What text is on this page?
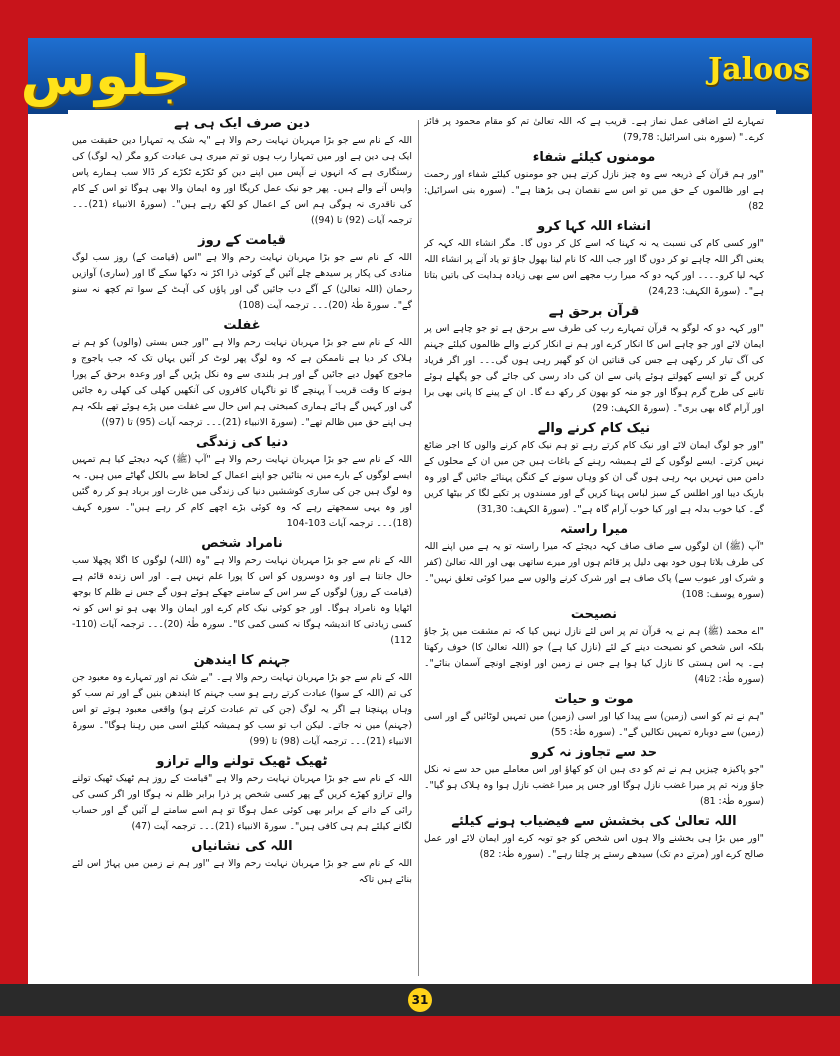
جلوس	Jaloos

تمہارے لئے اضافی عمل نماز ہے۔ قریب ہے کہ اللہ تعالیٰ تم کو مقام محمود پر فائز کرے۔" (سورہ بنی اسرائیل: 79,78)

مومنوں کیلئے شفاء

"اور ہم قرآن کے ذریعہ سے وہ چیز نازل کرتے ہیں جو مومنوں کیلئے شفاء اور رحمت ہے اور ظالموں کے حق میں تو اس سے نقصان ہی بڑھتا ہے"۔ (سورہ بنی اسرائیل: 82)

انشاء اللہ کہا کرو

"اور کسی کام کی نسبت یہ نہ کہنا کہ اسے کل کر دوں گا۔ مگر انشاء اللہ کہہ کر یعنی اگر اللہ چاہے تو کر دوں گا اور جب اللہ کا نام لینا بھول جاؤ تو یاد آنے پر انشاء اللہ کہہ لیا کرو۔۔۔۔ اور کہہ دو کہ میرا رب مجھے اس سے بھی زیادہ ہدایت کی باتیں بتاتا ہے"۔ (سورۃ الکہف: 24,23)

قرآن برحق ہے

"اور کہہ دو کہ لوگو یہ قرآن تمہارے رب کی طرف سے برحق ہے تو جو چاہے اس پر ایمان لائے اور جو چاہے اس کا انکار کرے اور ہم نے انکار کرنے والے ظالموں کیلئے جہنم کی آگ تیار کر رکھی ہے جس کی قناتیں ان کو گھیر رہی ہوں گی۔۔۔ اور اگر فریاد کریں گے تو ایسے کھولتے ہوئے پانی سے ان کی داد رسی کی جائے گی جو پگھلے ہوئے تانبے کی طرح گرم ہوگا اور جو منہ کو بھون کر رکھ دے گا۔ ان کے پینے کا پانی بھی برا اور آرام گاہ بھی بری"۔ (سورۃ الکہف: 29)

نیک کام کرنے والے

"اور جو لوگ ایمان لائے اور نیک کام کرتے رہے تو ہم نیک کام کرنے والوں کا اجر ضائع نہیں کرتے۔ ایسے لوگوں کے لئے ہمیشہ رہنے کے باغات ہیں جن میں ان کے محلوں کے دامن میں نہریں بہہ رہی ہوں گی ان کو وہاں سونے کے کنگن پہنائے جائیں گے اور وہ باریک دیبا اور اطلس کے سبز لباس پہنا کریں گے اور مسندوں پر تکیے لگا کر بیٹھا کریں گے۔ کیا خوب بدلہ ہے اور کیا خوب آرام گاہ ہے"۔ (سورۃ الکہف: 31,30)

میرا راستہ

"آپ (ﷺ) ان لوگوں سے صاف صاف کہہ دیجئے کہ میرا راستہ تو یہ ہے میں اپنے اللہ کی طرف بلاتا ہوں خود بھی دلیل پر قائم ہوں اور میرے ساتھی بھی اور اللہ تعالیٰ (کفر و شرک اور عیوب سے) پاک صاف ہے اور شرک کرنے والوں سے میرا کوئی تعلق نہیں"۔ (سورہ یوسف: 108)

نصیحت

"اے محمد (ﷺ) ہم نے یہ قرآن تم پر اس لئے نازل نہیں کیا کہ تم مشقت میں پڑ جاؤ بلکہ اس شخص کو نصیحت دینے کے لئے (نازل کیا ہے) جو (اللہ تعالیٰ کا) خوف رکھتا ہے۔ یہ اس ہستی کا نازل کیا ہوا ہے جس نے زمین اور اونچے اونچے آسمان بنائے"۔ (سورہ طٰہٰ: 2تا4)

موت و حیات

"ہم نے تم کو اسی (زمین) سے پیدا کیا اور اسی (زمین) میں تمہیں لوٹائیں گے اور اسی (زمین) سے دوبارہ تمہیں نکالیں گے"۔ (سورہ طٰہٰ: 55)

حد سے تجاوز نہ کرو

"جو پاکیزہ چیزیں ہم نے تم کو دی ہیں ان کو کھاؤ اور اس معاملے میں حد سے نہ نکل جاؤ ورنہ تم پر میرا غضب نازل ہوگا اور جس پر میرا غضب نازل ہوا وہ ہلاک ہو گیا"۔ (سورہ طٰہٰ: 81)

اللہ تعالیٰ کی بخشش سے فیضیاب ہونے کیلئے

"اور میں بڑا ہی بخشنے والا ہوں اس شخص کو جو توبہ کرے اور ایمان لائے اور عمل صالح کرے اور (مرتے دم تک) سیدھے رستے پر چلتا رہے"۔ (سورہ طٰہٰ: 82)

دین صرف ایک ہی ہے

اللہ کے نام سے جو بڑا مہربان نہایت رحم والا ہے "یہ شک یہ تمہارا دین حقیقت میں ایک ہی دین ہے اور میں تمہارا رب ہوں تو تم میری ہی عبادت کرو مگر (یہ لوگ) کی رستگاری ہے کہ انہوں نے آپس میں اپنے دین کو ٹکڑے ٹکڑے کر ڈالا سب ہمارے پاس واپس آنے والے ہیں۔ پھر جو نیک عمل کریگا اور وہ ایمان والا بھی ہوگا تو اس کے کام کی ناقدری نہ ہوگی ہم اس کے اعمال کو لکھ رہے ہیں"۔ (سورۃ الانبیاء (21)۔۔۔ ترجمہ آیات (92) تا (94))

قیامت کے روز

اللہ کے نام سے جو بڑا مہربان نہایت رحم والا ہے "اس (قیامت کے) روز سب لوگ منادی کی پکار پر سیدھے چلے آئیں گے کوئی ذرا اکڑ نہ دکھا سکے گا اور (ساری) آوازیں رحمان (اللہ تعالیٰ) کے آگے دب جائیں گی اور پاؤں کی آہٹ کے سوا تم کچھ نہ سنو گے"۔ سورۃ طٰہٰ (20)۔۔۔ ترجمہ آیت (108)

غفلت

اللہ کے نام سے جو بڑا مہربان نہایت رحم والا ہے "اور جس بستی (والوں) کو ہم نے ہلاک کر دیا ہے ناممکن ہے کہ وہ لوگ پھر لوٹ کر آئیں یہاں تک کہ جب یاجوج و ماجوج کھول دیے جائیں گے اور ہر بلندی سے وہ نکل پڑیں گے اور وعدہ برحق کے پورا ہونے کا وقت قریب آ پہنچے گا تو ناگہاں کافروں کی آنکھیں کھلی کی کھلی رہ جائیں گی اور کہیں گے ہائے ہماری کمبختی ہم اس حال سے غفلت میں پڑے ہوئے تھے بلکہ ہم ہی اپنے حق میں ظالم تھے"۔ (سورۃ الانبیاء (21)۔۔۔ ترجمہ آیات (95) تا (97))

دنیا کی زندگی

اللہ کے نام سے جو بڑا مہربان نہایت رحم والا ہے "آپ (ﷺ) کہہ دیجئے کیا ہم تمہیں ایسے لوگوں کے بارے میں نہ بتائیں جو اپنے اعمال کے لحاظ سے بالکل گھاٹے میں ہیں۔ یہ وہ لوگ ہیں جن کی ساری کوششیں دنیا کی زندگی میں غارت اور برباد ہو کر رہ گئیں اور وہ یہی سمجھتے رہے کہ وہ کوئی بڑے اچھے کام کر رہے ہیں"۔ سورہ کہف (18)۔۔۔ ترجمہ آیات 103-104

نامراد شخص

اللہ کے نام سے جو بڑا مہربان نہایت رحم والا ہے "وہ (اللہ) لوگوں کا اگلا پچھلا سب حال جانتا ہے اور وہ دوسروں کو اس کا پورا علم نہیں ہے۔ اور اس زندہ قائم ہے (قیامت کے روز) لوگوں کے سر اس کے سامنے جھکے ہوئے ہوں گے جس نے ظلم کا بوجھ اٹھایا وہ نامراد ہوگا۔ اور جو کوئی نیک کام کرے اور ایمان والا بھی ہو تو اس کو نہ کسی زیادتی کا اندیشہ ہوگا نہ کسی کمی کا"۔ سورہ طٰہٰ (20)۔۔۔ ترجمہ آیات (110-112)

جہنم کا ایندھن

اللہ کے نام سے جو بڑا مہربان نہایت رحم والا ہے۔ "بے شک تم اور تمہارے وہ معبود جن کی تم (اللہ کے سوا) عبادت کرتے رہے ہو سب جہنم کا ایندھن بنیں گے اور تم سب کو وہاں پہنچنا ہے اگر یہ لوگ (جن کی تم عبادت کرتے ہو) واقعی معبود ہوتے تو اس (جہنم) میں نہ جاتے۔ لیکن اب تو سب کو ہمیشہ کیلئے اسی میں رہنا ہوگا"۔ سورۃ الانبیاء (21)۔۔۔ ترجمہ آیات (98) تا (99)

ٹھیک ٹھیک تولنے والے ترازو

اللہ کے نام سے جو بڑا مہربان نہایت رحم والا ہے "قیامت کے روز ہم ٹھیک ٹھیک تولنے والے ترازو کھڑے کریں گے پھر کسی شخص پر ذرا برابر ظلم نہ ہوگا اور اگر کسی کی رائی کے دانے کے برابر بھی کوئی عمل ہوگا تو ہم اسے سامنے لے آئیں گے اور حساب لگانے کیلئے ہم ہی کافی ہیں"۔ سورۃ الانبیاء (21)۔۔۔ ترجمہ آیت (47)

اللہ کی نشانیاں

اللہ کے نام سے جو بڑا مہربان نہایت رحم والا ہے "اور ہم نے زمین میں پہاڑ اس لئے بنائے ہیں تاکہ

31
